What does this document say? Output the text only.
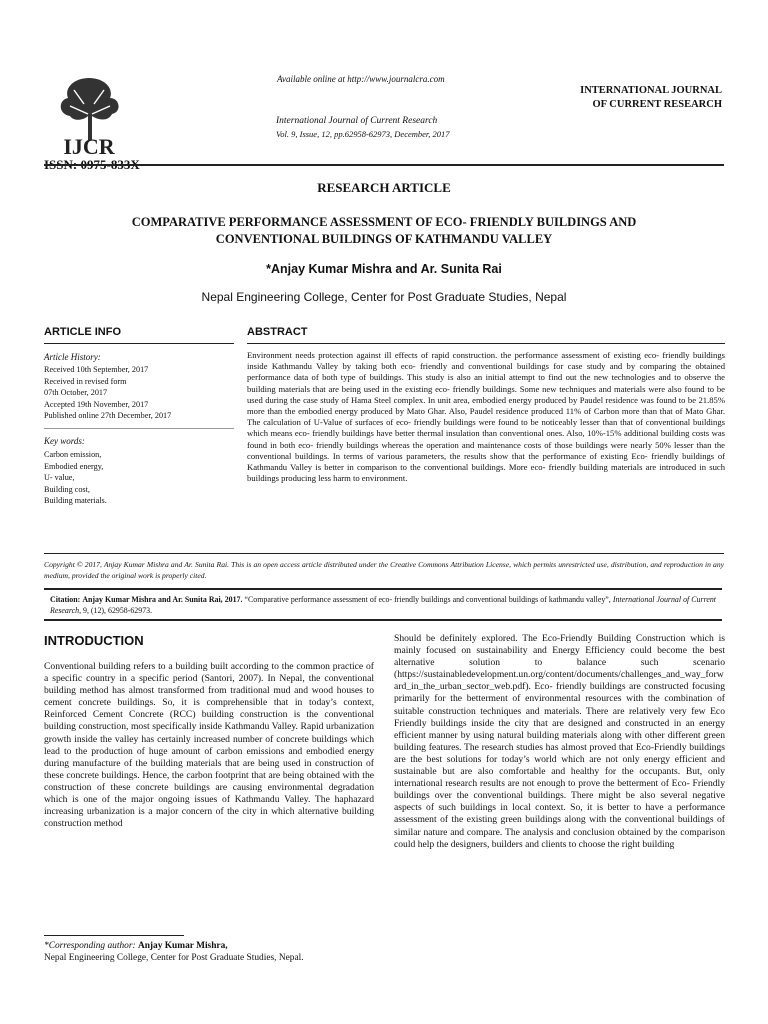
IJCR
ISSN: 0975-833X
Available online at http://www.journalcra.com
International Journal of Current Research
Vol. 9, Issue, 12, pp.62958-62973, December, 2017
INTERNATIONAL JOURNAL
OF CURRENT RESEARCH
RESEARCH ARTICLE
COMPARATIVE PERFORMANCE ASSESSMENT OF ECO- FRIENDLY BUILDINGS AND
CONVENTIONAL BUILDINGS OF KATHMANDU VALLEY
*Anjay Kumar Mishra and Ar. Sunita Rai
Nepal Engineering College, Center for Post Graduate Studies, Nepal
ARTICLE INFO	ABSTRACT
Article History:
Received 10th September, 2017
Received in revised form
07th October, 2017
Accepted 19th November, 2017
Published online 27th December, 2017
Key words:
Carbon emission,
Embodied energy,
U- value,
Building cost,
Building materials.
Environment needs protection against ill effects of rapid construction. the performance assessment of existing eco- friendly buildings inside Kathmandu Valley by taking both eco- friendly and conventional buildings for case study and by comparing the obtained performance data of both type of buildings. This study is also an initial attempt to find out the new technologies and to observe the building materials that are being used in the existing eco- friendly buildings. Some new techniques and materials were also found to be used during the case study of Hama Steel complex. In unit area, embodied energy produced by Paudel residence was found to be 21.85% more than the embodied energy produced by Mato Ghar. Also, Paudel residence produced 11% of Carbon more than that of Mato Ghar. The calculation of U-Value of surfaces of eco- friendly buildings were found to be noticeably lesser than that of conventional buildings which means eco- friendly buildings have better thermal insulation than conventional ones. Also, 10%-15% additional building costs was found in both eco- friendly buildings whereas the operation and maintenance costs of those buildings were nearly 50% lesser than the conventional buildings. In terms of various parameters, the results show that the performance of existing Eco- friendly buildings of Kathmandu Valley is better in comparison to the conventional buildings. More eco- friendly building materials are introduced in such buildings producing less harm to environment.
Copyright © 2017, Anjay Kumar Mishra and Ar. Sunita Rai. This is an open access article distributed under the Creative Commons Attribution License, which permits unrestricted use, distribution, and reproduction in any medium, provided the original work is properly cited.
Citation: Anjay Kumar Mishra and Ar. Sunita Rai, 2017. “Comparative performance assessment of eco- friendly buildings and conventional buildings of kathmandu valley”, International Journal of Current Research, 9, (12), 62958-62973.
INTRODUCTION
Conventional building refers to a building built according to the common practice of a specific country in a specific period (Santori, 2007). In Nepal, the conventional building method has almost transformed from traditional mud and wood houses to cement concrete buildings. So, it is comprehensible that in today’s context, Reinforced Cement Concrete (RCC) building construction is the conventional building construction, most specifically inside Kathmandu Valley. Rapid urbanization growth inside the valley has certainly increased number of concrete buildings which lead to the production of huge amount of carbon emissions and embodied energy during manufacture of the building materials that are being used in construction of these concrete buildings. Hence, the carbon footprint that are being obtained with the construction of these concrete buildings are causing environmental degradation which is one of the major ongoing issues of Kathmandu Valley. The haphazard increasing urbanization is a major concern of the city in which alternative building construction method
Should be definitely explored. The Eco-Friendly Building Construction which is mainly focused on sustainability and Energy Efficiency could become the best alternative solution to balance such scenario (https://sustainabledevelopment.un.org/content/documents/challenges_and_way_forward_in_the_urban_sector_web.pdf). Eco- friendly buildings are constructed focusing primarily for the betterment of environmental resources with the combination of suitable construction techniques and materials. There are relatively very few Eco Friendly buildings inside the city that are designed and constructed in an energy efficient manner by using natural building materials along with other different green building features. The research studies has almost proved that Eco-Friendly buildings are the best solutions for today’s world which are not only energy efficient and sustainable but are also comfortable and healthy for the occupants. But, only international research results are not enough to prove the betterment of Eco- Friendly buildings over the conventional buildings. There might be also several negative aspects of such buildings in local context. So, it is better to have a performance assessment of the existing green buildings along with the conventional buildings of similar nature and compare. The analysis and conclusion obtained by the comparison could help the designers, builders and clients to choose the right building
*Corresponding author: Anjay Kumar Mishra,
Nepal Engineering College, Center for Post Graduate Studies, Nepal.
